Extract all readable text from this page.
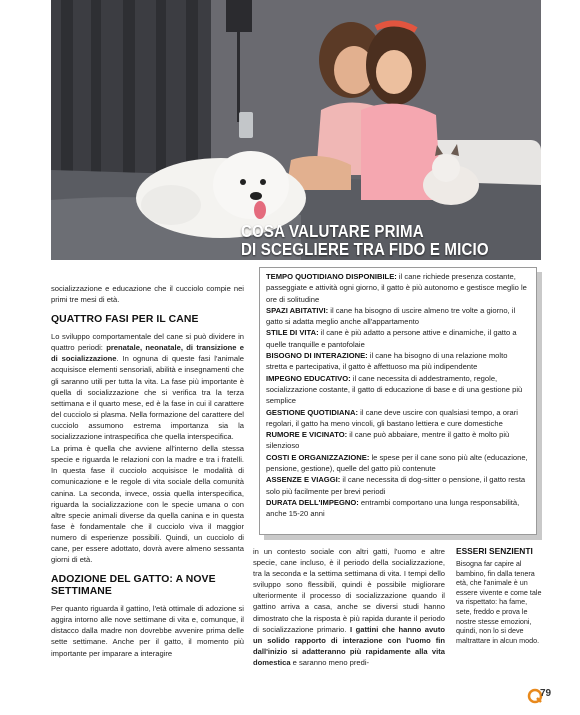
COSA VALUTARE PRIMA
DI SCEGLIERE TRA FIDO E MICIO

socializzazione e educazione che il cucciolo compie nei primi tre mesi di età.

QUATTRO FASI PER IL CANE

Lo sviluppo comportamentale del cane si può dividere in quattro periodi: prenatale, neonatale, di transizione e di socializzazione. In ognuna di queste fasi l'animale acquisisce elementi sensoriali, abilità e insegnamenti che gli saranno utili per tutta la vita. La fase più importante è quella di socializzazione che si verifica tra la terza settimana e il quarto mese, ed è la fase in cui il carattere del cucciolo si plasma. Nella formazione del carattere del cucciolo assumono estrema importanza sia la socializzazione intraspecifica che quella interspecifica.

La prima è quella che avviene all'interno della stessa specie e riguarda le relazioni con la madre e tra i fratelli. In questa fase il cucciolo acquisisce le modalità di comunicazione e le regole di vita sociale della comunità canina. La seconda, invece, ossia quella interspecifica, riguarda la socializzazione con le specie umana o con altre specie animali diverse da quella canina e in questa fase è fondamentale che il cucciolo viva il maggior numero di esperienze possibili. Quindi, un cucciolo di cane, per essere adottato, dovrà avere almeno sessanta giorni di età.

ADOZIONE DEL GATTO: A NOVE SETTIMANE

Per quanto riguarda il gattino, l'età ottimale di adozione si aggira intorno alle nove settimane di vita e, comunque, il distacco dalla madre non dovrebbe avvenire prima delle sette settimane. Anche per il gatto, il momento più importante per imparare a interagire

TEMPO QUOTIDIANO DISPONIBILE: il cane richiede presenza costante, passeggiate e attività ogni giorno, il gatto è più autonomo e gestisce meglio le ore di solitudine

SPAZI ABITATIVI: il cane ha bisogno di uscire almeno tre volte a giorno, il gatto si adatta meglio anche all'appartamento

STILE DI VITA: il cane è più adatto a persone attive e dinamiche, il gatto a quelle tranquille e pantofolaie

BISOGNO DI INTERAZIONE: il cane ha bisogno di una relazione molto stretta e partecipativa, il gatto è affettuoso ma più indipendente

IMPEGNO EDUCATIVO: il cane necessita di addestramento, regole, socializzazione costante, il gatto di educazione di base e di una gestione più semplice

GESTIONE QUOTIDIANA: il cane deve uscire con qualsiasi tempo, a orari regolari, il gatto ha meno vincoli, gli bastano lettiera e cure domestiche

RUMORE E VICINATO: il cane può abbaiare, mentre il gatto è molto più silenzioso

COSTI E ORGANIZZAZIONE: le spese per il cane sono più alte (educazione, pensione, gestione), quelle del gatto più contenute

ASSENZE E VIAGGI: il cane necessita di dog-sitter o pensione, il gatto resta solo più facilmente per brevi periodi

DURATA DELL'IMPEGNO: entrambi comportano una lunga responsabilità, anche 15-20 anni

in un contesto sociale con altri gatti, l'uomo e altre specie, cane incluso, è il periodo della socializzazione, tra la seconda e la settima settimana di vita. I tempi dello sviluppo sono flessibili, quindi è possibile migliorare ulteriormente il processo di socializzazione quando il gattino arriva a casa, anche se diversi studi hanno dimostrato che la risposta è più rapida durante il periodo di socializzazione primario. I gattini che hanno avuto un solido rapporto di interazione con l'uomo fin dall'inizio si adatteranno più rapidamente alla vita domestica e saranno meno predi-

ESSERI SENZIENTI

Bisogna far capire al bambino, fin dalla tenera età, che l'animale è un essere vivente e come tale va rispettato: ha fame, sete, freddo e prova le nostre stesse emozioni, quindi, non lo si deve maltrattare in alcun modo.

79
